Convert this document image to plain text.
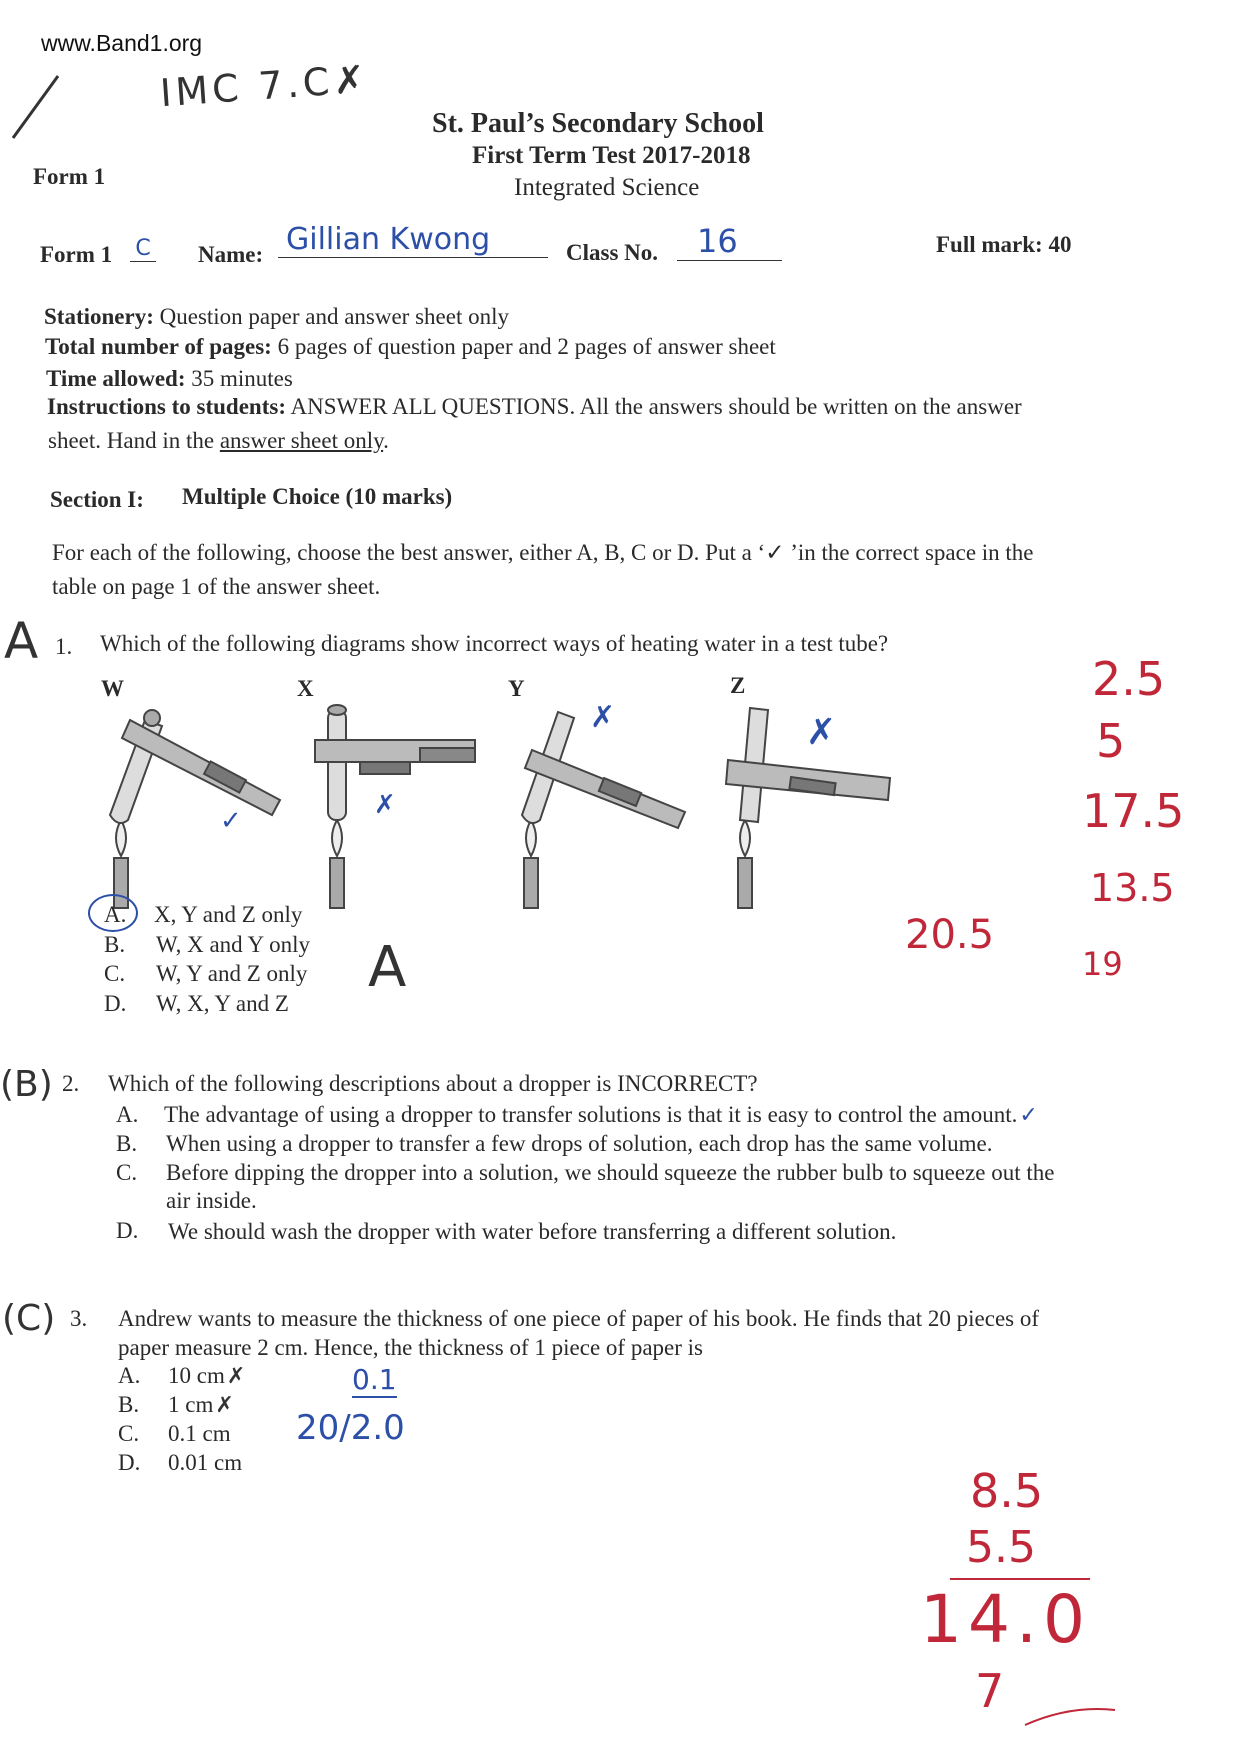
www.Band1.org
IMC 7.C✗
St. Paul’s Secondary School
First Term Test 2017-2018
Integrated Science
Form 1
Form 1 C Name: Gillian Kwong	Class No.	16	Full mark: 40
Stationery: Question paper and answer sheet only
Total number of pages: 6 pages of question paper and 2 pages of answer sheet
Time allowed: 35 minutes
Instructions to students: ANSWER ALL QUESTIONS. All the answers should be written on the answer
sheet. Hand in the answer sheet only.
Section I: Multiple Choice (10 marks)
For each of the following, choose the best answer, either A, B, C or D. Put a ‘✓ ’in the correct space in the
table on page 1 of the answer sheet.
A 1. Which of the following diagrams show incorrect ways of heating water in a test tube?
W	X	Y	Z
✓
✗
✗	✗
A. X, Y and Z only
B. W, X and Y only
C. W, Y and Z only
D. W, X, Y and Z
A
2.5
5
17.5
13.5
19
20.5
(B) 2. Which of the following descriptions about a dropper is INCORRECT?
A. The advantage of using a dropper to transfer solutions is that it is easy to control the amount.✓
B. When using a dropper to transfer a few drops of solution, each drop has the same volume.
C. Before dipping the dropper into a solution, we should squeeze the rubber bulb to squeeze out the
air inside.
D. We should wash the dropper with water before transferring a different solution.
(C) 3. Andrew wants to measure the thickness of one piece of paper of his book. He finds that 20 pieces of
paper measure 2 cm. Hence, the thickness of 1 piece of paper is
A. 10 cm✗
B. 1 cm✗
C. 0.1 cm
D. 0.01 cm
0.1
20/2.0
8.5
5.5
14.0
7
